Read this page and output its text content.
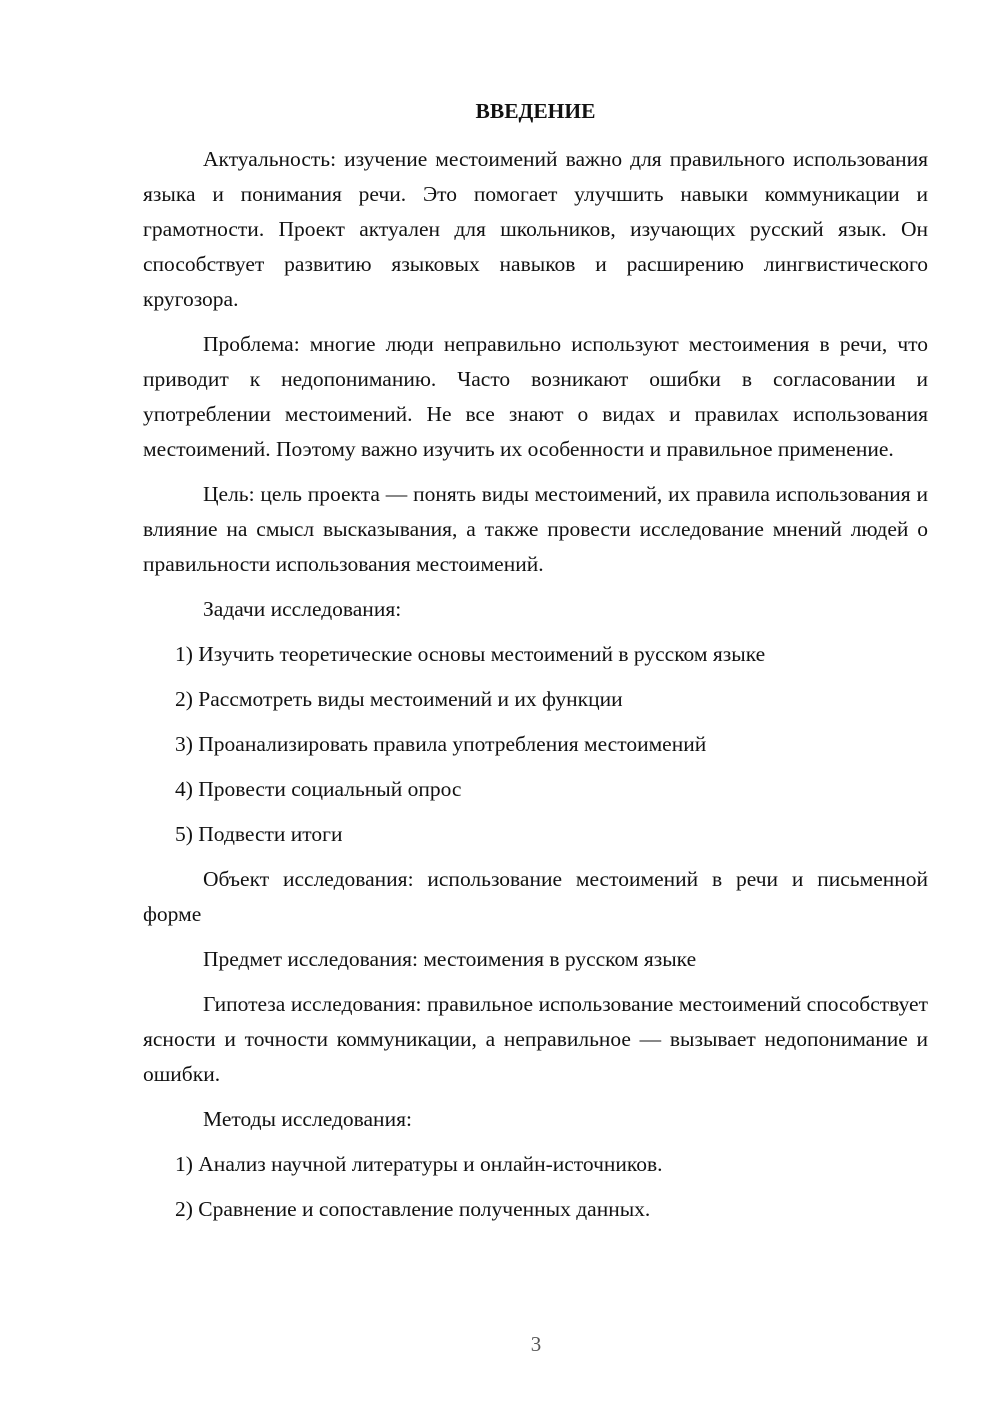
ВВЕДЕНИЕ

Актуальность: изучение местоимений важно для правильного использования языка и понимания речи. Это помогает улучшить навыки коммуникации и грамотности. Проект актуален для школьников, изучающих русский язык. Он способствует развитию языковых навыков и расширению лингвистического кругозора.

Проблема: многие люди неправильно используют местоимения в речи, что приводит к недопониманию. Часто возникают ошибки в согласовании и употреблении местоимений. Не все знают о видах и правилах использования местоимений. Поэтому важно изучить их особенности и правильное применение.

Цель: цель проекта — понять виды местоимений, их правила использования и влияние на смысл высказывания, а также провести исследование мнений людей о правильности использования местоимений.

Задачи исследования:

1) Изучить теоретические основы местоимений в русском языке
2) Рассмотреть виды местоимений и их функции
3) Проанализировать правила употребления местоимений
4) Провести социальный опрос
5) Подвести итоги

Объект исследования: использование местоимений в речи и письменной форме

Предмет исследования: местоимения в русском языке

Гипотеза исследования: правильное использование местоимений способствует ясности и точности коммуникации, а неправильное — вызывает недопонимание и ошибки.

Методы исследования:

1) Анализ научной литературы и онлайн-источников.
2) Сравнение и сопоставление полученных данных.
3
